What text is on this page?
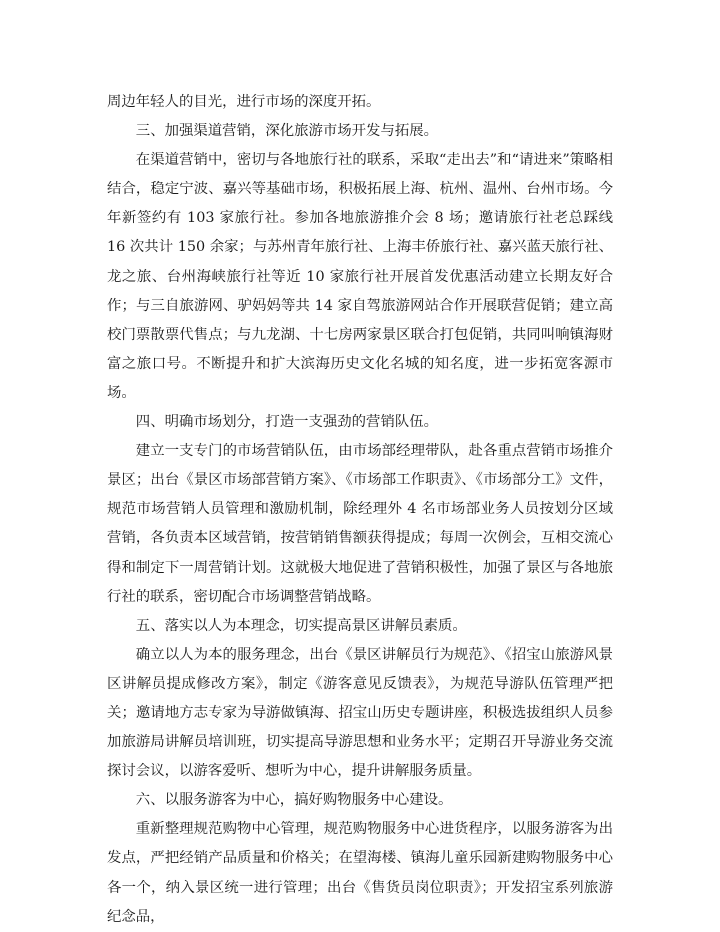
周边年轻人的目光，进行市场的深度开拓。

三、加强渠道营销，深化旅游市场开发与拓展。

在渠道营销中，密切与各地旅行社的联系，采取“走出去”和“请进来”策略相结合，稳定宁波、嘉兴等基础市场，积极拓展上海、杭州、温州、台州市场。今年新签约有 103 家旅行社。参加各地旅游推介会 8 场；邀请旅行社老总踩线 16 次共计 150 余家；与苏州青年旅行社、上海丰侨旅行社、嘉兴蓝天旅行社、龙之旅、台州海峡旅行社等近 10 家旅行社开展首发优惠活动建立长期友好合作；与三自旅游网、驴妈妈等共 14 家自驾旅游网站合作开展联营促销；建立高校门票散票代售点；与九龙湖、十七房两家景区联合打包促销，共同叫响镇海财富之旅口号。不断提升和扩大滨海历史文化名城的知名度，进一步拓宽客源市场。

四、明确市场划分，打造一支强劲的营销队伍。

建立一支专门的市场营销队伍，由市场部经理带队，赴各重点营销市场推介景区；出台《景区市场部营销方案》、《市场部工作职责》、《市场部分工》文件，规范市场营销人员管理和激励机制，除经理外 4 名市场部业务人员按划分区域营销，各负责本区域营销，按营销销售额获得提成；每周一次例会，互相交流心得和制定下一周营销计划。这就极大地促进了营销积极性，加强了景区与各地旅行社的联系，密切配合市场调整营销战略。

五、落实以人为本理念，切实提高景区讲解员素质。

确立以人为本的服务理念，出台《景区讲解员行为规范》、《招宝山旅游风景区讲解员提成修改方案》，制定《游客意见反馈表》，为规范导游队伍管理严把关；邀请地方志专家为导游做镇海、招宝山历史专题讲座，积极选拔组织人员参加旅游局讲解员培训班，切实提高导游思想和业务水平；定期召开导游业务交流探讨会议，以游客爱听、想听为中心，提升讲解服务质量。

六、以服务游客为中心，搞好购物服务中心建设。

重新整理规范购物中心管理，规范购物服务中心进货程序，以服务游客为出发点，严把经销产品质量和价格关；在望海楼、镇海儿童乐园新建购物服务中心各一个，纳入景区统一进行管理；出台《售货员岗位职责》；开发招宝系列旅游纪念品，
